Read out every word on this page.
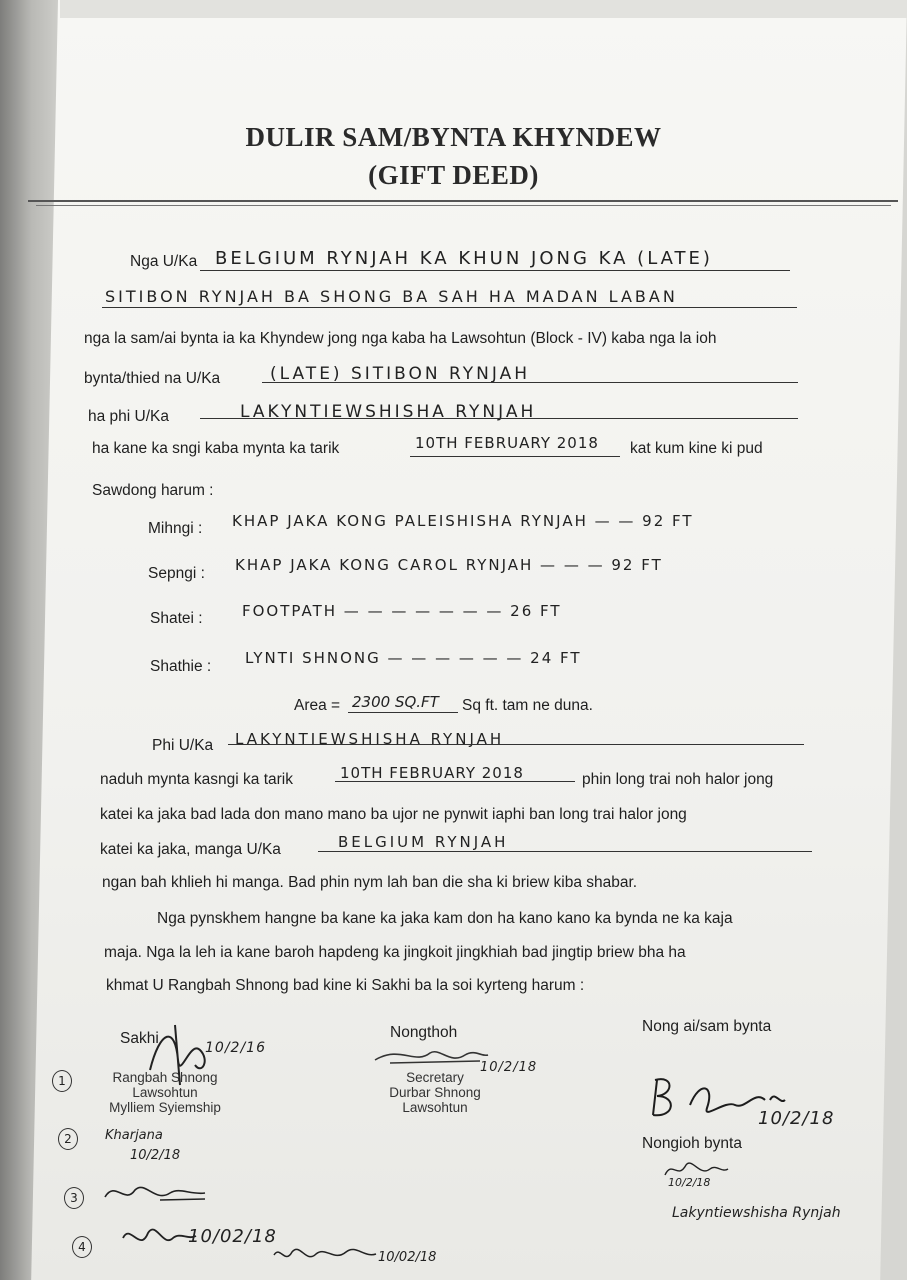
DULIR SAM/BYNTA KHYNDEW
(GIFT DEED)
Nga U/Ka BELGIUM RYNJAH KA KHUN JONG KA (LATE)
SITIBON RYNJAH BA SHONG BA SAH HA MADAN LABAN
nga la sam/ai bynta ia ka Khyndew jong nga kaba ha Lawsohtun (Block - IV) kaba nga la ioh
bynta/thied na U/Ka	(LATE) SITIBON RYNJAH
ha phi U/Ka	LAKYNTIEWSHISHA RYNJAH
ha kane ka sngi kaba mynta ka tarik	10TH FEBRUARY 2018 kat kum kine ki pud
Sawdong harum :
Mihngi : KHAP JAKA KONG PALEISHISHA RYNJAH — — 92 FT
Sepngi : KHAP JAKA KONG CAROL RYNJAH — — — 92 FT
Shatei :	FOOTPATH — — — — — — — 26 FT
Shathie : LYNTI SHNONG — — — — — — 24 FT
Area = 2300 SQ.FT Sq ft. tam ne duna.
Phi U/Ka LAKYNTIEWSHISHA RYNJAH
naduh mynta kasngi ka tarik	10TH FEBRUARY 2018	phin long trai noh halor jong
katei ka jaka bad lada don mano mano ba ujor ne pynwit iaphi ban long trai halor jong
katei ka jaka, manga U/Ka	BELGIUM RYNJAH
ngan bah khlieh hi manga. Bad phin nym lah ban die sha ki briew kiba shabar.
Nga pynskhem hangne ba kane ka jaka kam don ha kano kano ka bynda ne ka kaja
maja. Nga la leh ia kane baroh hapdeng ka jingkoit jingkhiah bad jingtip briew bha ha
khmat U Rangbah Shnong bad kine ki Sakhi ba la soi kyrteng harum :
Sakhi	Nongthoh	Nong ai/sam bynta
Rangbah Shnong
Lawsohtun
Mylliem Syiemship
Secretary
Durbar Shnong
Lawsohtun
10/2/16
10/2/18
10/2/18
Nongioh bynta
1
2
3
4
Kharjana
10/2/18
10/02/18
10/02/18
10/2/18
Lakyntiewshisha Rynjah
